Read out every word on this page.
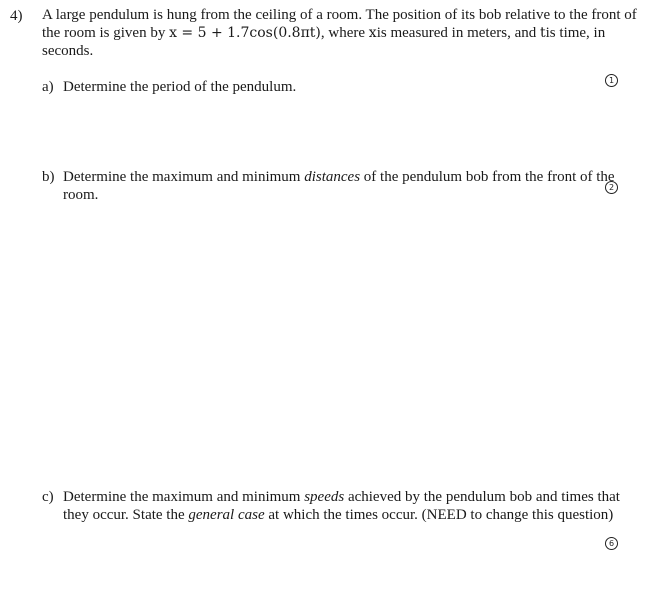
4) A large pendulum is hung from the ceiling of a room. The position of its bob relative to the front of
the room is given by x = 5 + 1.7cos(0.8πt), where xis measured in meters, and tis time, in
seconds.
a) Determine the period of the pendulum.	1
b) Determine the maximum and minimum distances of the pendulum bob from the front of the
room.	2
c) Determine the maximum and minimum speeds achieved by the pendulum bob and times that
they occur. State the general case at which the times occur. (NEED to change this question)
6
